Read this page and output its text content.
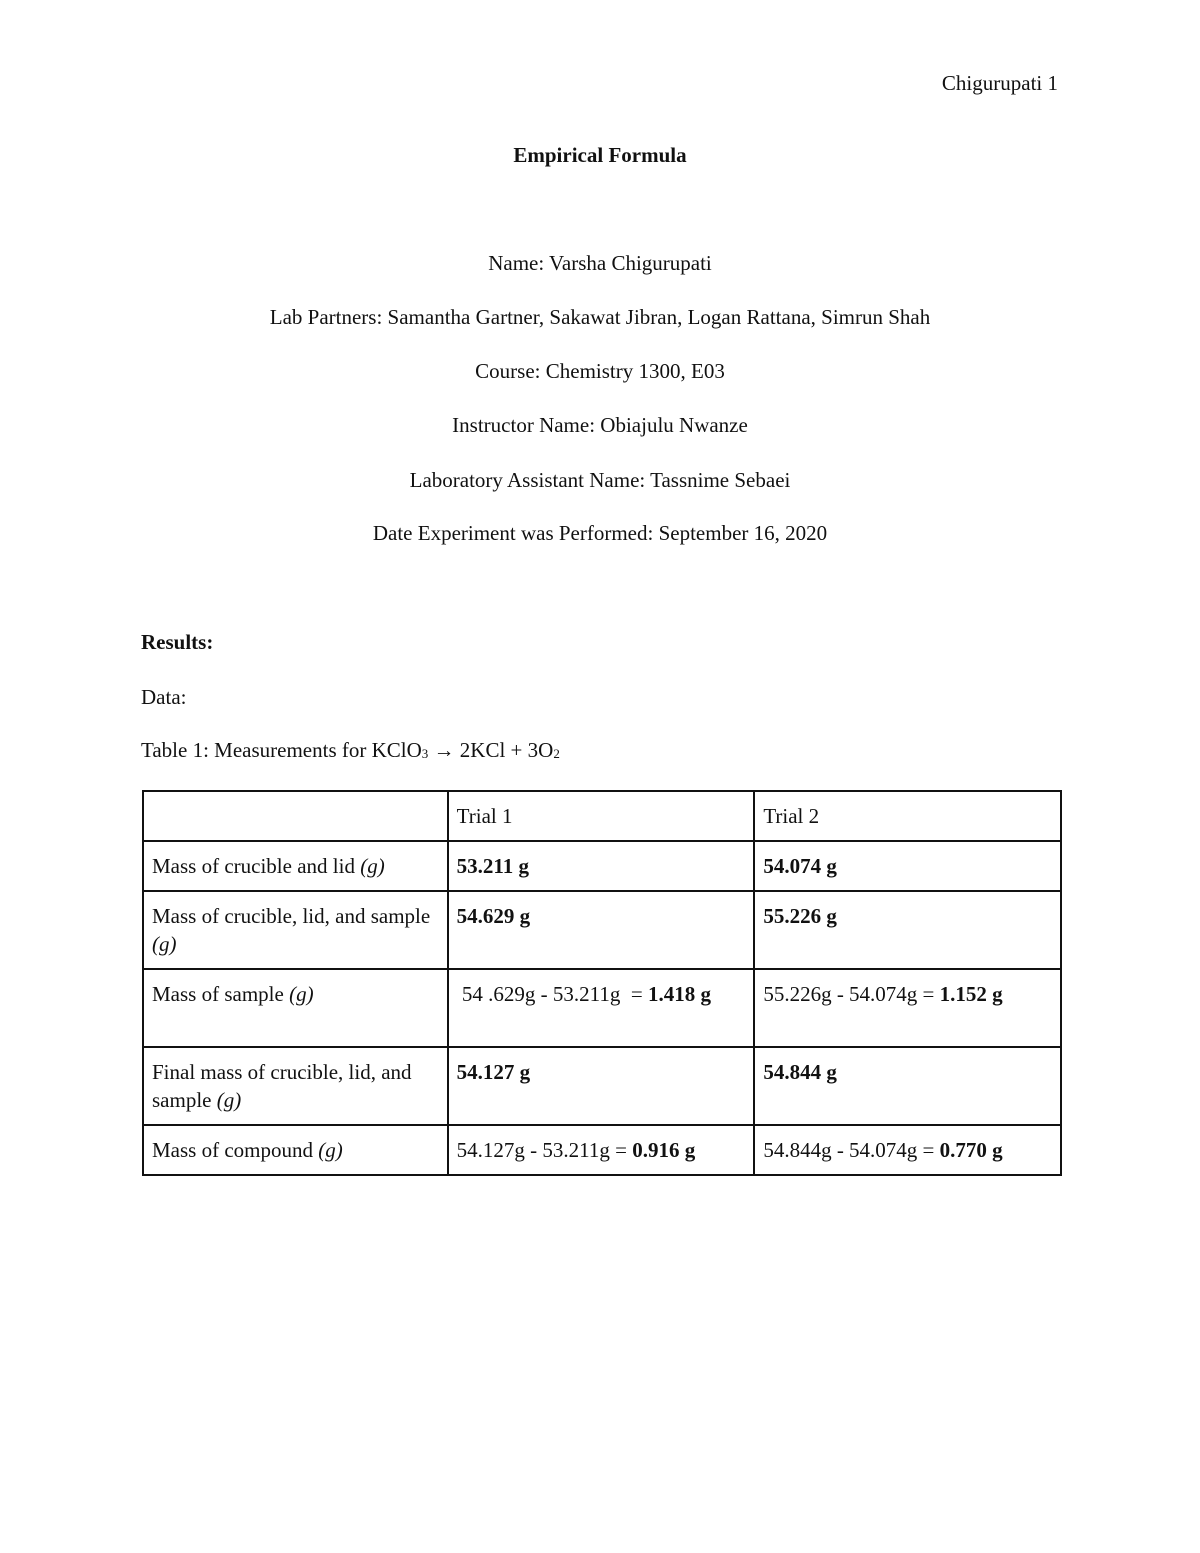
Chigurupati 1
Empirical Formula
Name: Varsha Chigurupati
Lab Partners: Samantha Gartner, Sakawat Jibran, Logan Rattana, Simrun Shah
Course: Chemistry 1300, E03
Instructor Name: Obiajulu Nwanze
Laboratory Assistant Name: Tassnime Sebaei
Date Experiment was Performed: September 16, 2020
Results:
Data:
Table 1: Measurements for KClO3 → 2KCl + 3O2
	Trial 1	Trial 2
Mass of crucible and lid (g)	53.211 g	54.074 g
Mass of crucible, lid, and sample (g)	54.629 g	55.226 g
Mass of sample (g)	54 .629g - 53.211g  = 1.418 g	55.226g - 54.074g = 1.152 g
Final mass of crucible, lid, and sample (g)	54.127 g	54.844 g
Mass of compound (g)	54.127g - 53.211g = 0.916 g	54.844g - 54.074g = 0.770 g
